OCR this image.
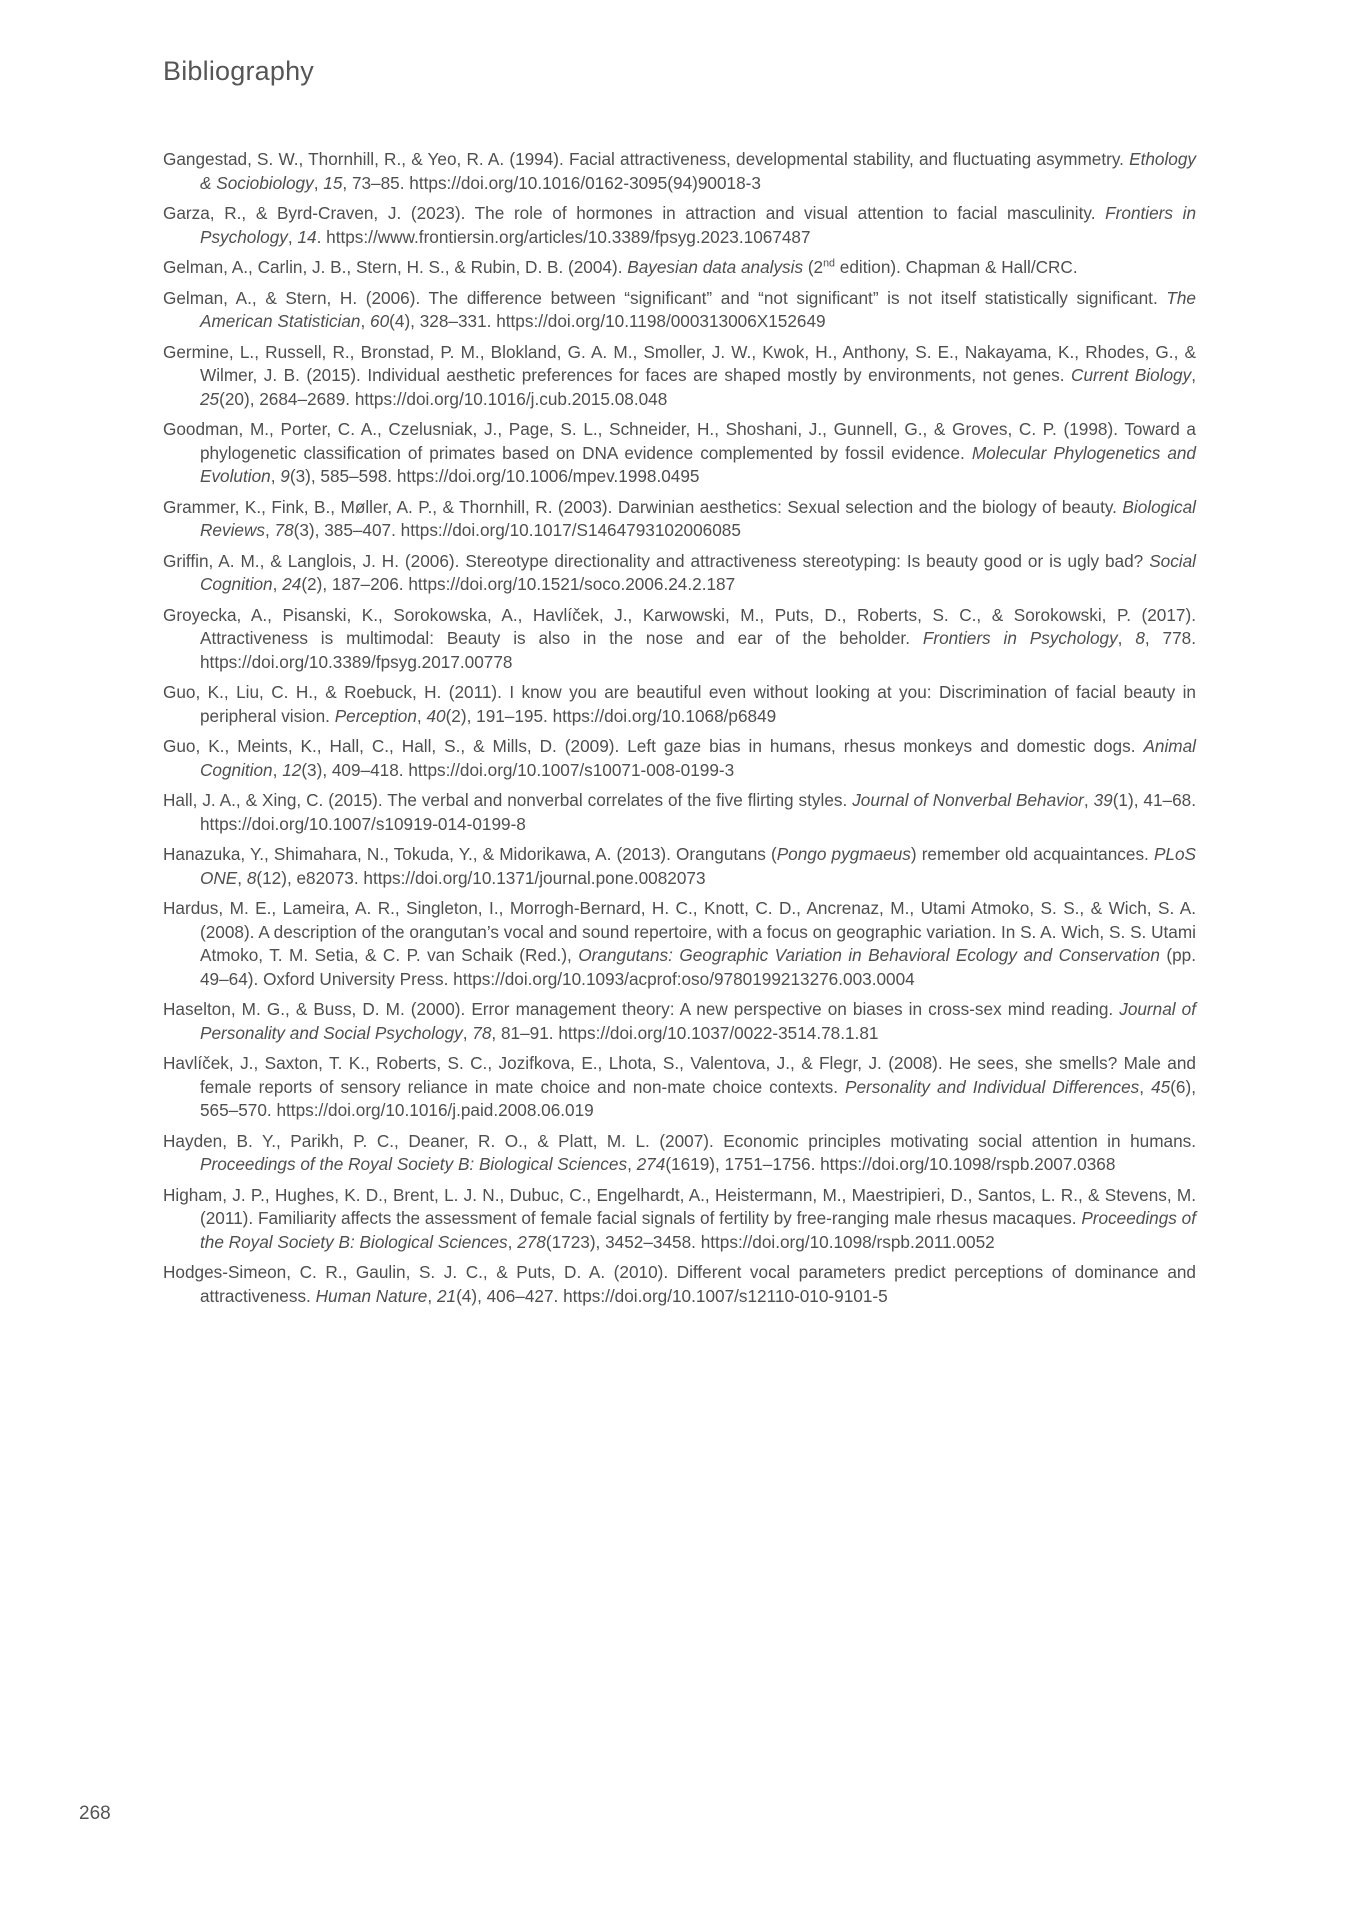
Bibliography

Gangestad, S. W., Thornhill, R., & Yeo, R. A. (1994). Facial attractiveness, developmental stability, and fluctuating asymmetry. Ethology & Sociobiology, 15, 73–85. https://doi.org/10.1016/0162-3095(94)90018-3

Garza, R., & Byrd-Craven, J. (2023). The role of hormones in attraction and visual attention to facial masculinity. Frontiers in Psychology, 14. https://www.frontiersin.org/articles/10.3389/fpsyg.2023.1067487

Gelman, A., Carlin, J. B., Stern, H. S., & Rubin, D. B. (2004). Bayesian data analysis (2nd edition). Chapman & Hall/CRC.

Gelman, A., & Stern, H. (2006). The difference between “significant” and “not significant” is not itself statistically significant. The American Statistician, 60(4), 328–331. https://doi.org/10.1198/000313006X152649

Germine, L., Russell, R., Bronstad, P. M., Blokland, G. A. M., Smoller, J. W., Kwok, H., Anthony, S. E., Nakayama, K., Rhodes, G., & Wilmer, J. B. (2015). Individual aesthetic preferences for faces are shaped mostly by environments, not genes. Current Biology, 25(20), 2684–2689. https://doi.org/10.1016/j.cub.2015.08.048

Goodman, M., Porter, C. A., Czelusniak, J., Page, S. L., Schneider, H., Shoshani, J., Gunnell, G., & Groves, C. P. (1998). Toward a phylogenetic classification of primates based on DNA evidence complemented by fossil evidence. Molecular Phylogenetics and Evolution, 9(3), 585–598. https://doi.org/10.1006/mpev.1998.0495

Grammer, K., Fink, B., Møller, A. P., & Thornhill, R. (2003). Darwinian aesthetics: Sexual selection and the biology of beauty. Biological Reviews, 78(3), 385–407. https://doi.org/10.1017/S1464793102006085

Griffin, A. M., & Langlois, J. H. (2006). Stereotype directionality and attractiveness stereotyping: Is beauty good or is ugly bad? Social Cognition, 24(2), 187–206. https://doi.org/10.1521/soco.2006.24.2.187

Groyecka, A., Pisanski, K., Sorokowska, A., Havlíček, J., Karwowski, M., Puts, D., Roberts, S. C., & Sorokowski, P. (2017). Attractiveness is multimodal: Beauty is also in the nose and ear of the beholder. Frontiers in Psychology, 8, 778. https://doi.org/10.3389/fpsyg.2017.00778

Guo, K., Liu, C. H., & Roebuck, H. (2011). I know you are beautiful even without looking at you: Discrimination of facial beauty in peripheral vision. Perception, 40(2), 191–195. https://doi.org/10.1068/p6849

Guo, K., Meints, K., Hall, C., Hall, S., & Mills, D. (2009). Left gaze bias in humans, rhesus monkeys and domestic dogs. Animal Cognition, 12(3), 409–418. https://doi.org/10.1007/s10071-008-0199-3

Hall, J. A., & Xing, C. (2015). The verbal and nonverbal correlates of the five flirting styles. Journal of Nonverbal Behavior, 39(1), 41–68. https://doi.org/10.1007/s10919-014-0199-8

Hanazuka, Y., Shimahara, N., Tokuda, Y., & Midorikawa, A. (2013). Orangutans (Pongo pygmaeus) remember old acquaintances. PLoS ONE, 8(12), e82073. https://doi.org/10.1371/journal.pone.0082073

Hardus, M. E., Lameira, A. R., Singleton, I., Morrogh-Bernard, H. C., Knott, C. D., Ancrenaz, M., Utami Atmoko, S. S., & Wich, S. A. (2008). A description of the orangutan’s vocal and sound repertoire, with a focus on geographic variation. In S. A. Wich, S. S. Utami Atmoko, T. M. Setia, & C. P. van Schaik (Red.), Orangutans: Geographic Variation in Behavioral Ecology and Conservation (pp. 49–64). Oxford University Press. https://doi.org/10.1093/acprof:oso/9780199213276.003.0004

Haselton, M. G., & Buss, D. M. (2000). Error management theory: A new perspective on biases in cross-sex mind reading. Journal of Personality and Social Psychology, 78, 81–91. https://doi.org/10.1037/0022-3514.78.1.81

Havlíček, J., Saxton, T. K., Roberts, S. C., Jozifkova, E., Lhota, S., Valentova, J., & Flegr, J. (2008). He sees, she smells? Male and female reports of sensory reliance in mate choice and non-mate choice contexts. Personality and Individual Differences, 45(6), 565–570. https://doi.org/10.1016/j.paid.2008.06.019

Hayden, B. Y., Parikh, P. C., Deaner, R. O., & Platt, M. L. (2007). Economic principles motivating social attention in humans. Proceedings of the Royal Society B: Biological Sciences, 274(1619), 1751–1756. https://doi.org/10.1098/rspb.2007.0368

Higham, J. P., Hughes, K. D., Brent, L. J. N., Dubuc, C., Engelhardt, A., Heistermann, M., Maestripieri, D., Santos, L. R., & Stevens, M. (2011). Familiarity affects the assessment of female facial signals of fertility by free-ranging male rhesus macaques. Proceedings of the Royal Society B: Biological Sciences, 278(1723), 3452–3458. https://doi.org/10.1098/rspb.2011.0052

Hodges-Simeon, C. R., Gaulin, S. J. C., & Puts, D. A. (2010). Different vocal parameters predict perceptions of dominance and attractiveness. Human Nature, 21(4), 406–427. https://doi.org/10.1007/s12110-010-9101-5

268
